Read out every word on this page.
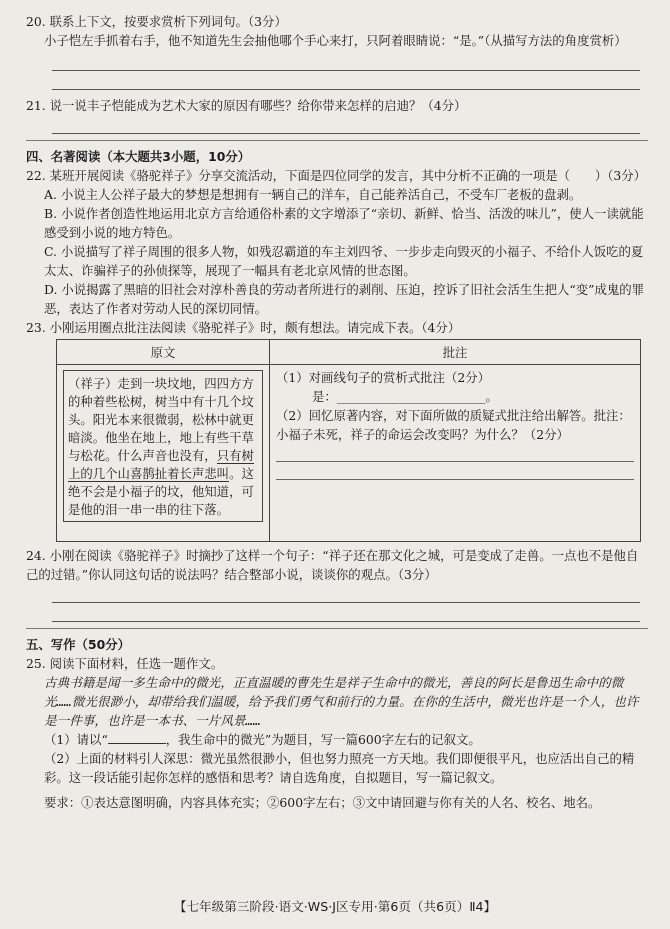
20. 联系上下文，按要求赏析下列词句。（3分）

小子恺左手抓着右手，他不知道先生会抽他哪个手心来打，只阿着眼睛说：“是。”（从描写方法的角度赏析）

21. 说一说丰子恺能成为艺术大家的原因有哪些？给你带来怎样的启迪？（4分）

四、名著阅读（本大题共3小题，10分）

22. 某班开展阅读《骆驼祥子》分享交流活动，下面是四位同学的发言，其中分析不正确的一项是（　　）（3分）

A. 小说主人公祥子最大的梦想是想拥有一辆自己的洋车，自己能养活自己，不受车厂老板的盘剥。

B. 小说作者创造性地运用北京方言给通俗朴素的文字增添了“亲切、新鲜、恰当、活泼的味儿”，使人一读就能感受到小说的地方特色。

C. 小说描写了祥子周围的很多人物，如残忍霸道的车主刘四爷、一步步走向毁灭的小福子、不给仆人饭吃的夏太太、诈骗祥子的孙侦探等，展现了一幅具有老北京风情的世态图。

D. 小说揭露了黑暗的旧社会对淳朴善良的劳动者所进行的剥削、压迫，控诉了旧社会活生生把人“变”成鬼的罪恶，表达了作者对劳动人民的深切同情。

23. 小刚运用圈点批注法阅读《骆驼祥子》时，颇有想法。请完成下表。（4分）

原文	批注

（祥子）走到一块坟地，四四方方的种着些松树，树当中有十几个坟头。阳光本来很微弱，松林中就更暗淡。他坐在地上，地上有些干草与松花。什么声音也没有，只有树上的几个山喜鹊扯着长声悲叫。这绝不会是小福子的坟，他知道，可是他的泪一串一串的往下落。	（1）对画线句子的赏析式批注（2分）

是：________________________。

（2）回忆原著内容，对下面所做的质疑式批注给出解答。批注：小福子未死，祥子的命运会改变吗？为什么？（2分）

24. 小刚在阅读《骆驼祥子》时摘抄了这样一个句子：“祥子还在那文化之城，可是变成了走兽。一点也不是他自己的过错。”你认同这句话的说法吗？结合整部小说，谈谈你的观点。（3分）

五、写作（50分）

25. 阅读下面材料，任选一题作文。

古典书籍是闻一多生命中的微光，正直温暖的曹先生是祥子生命中的微光，善良的阿长是鲁迅生命中的微光……微光很渺小，却带给我们温暖，给予我们勇气和前行的力量。在你的生活中，微光也许是一个人，也许是一件事，也许是一本书、一片风景……

（1）请以“	，我生命中的微光”为题目，写一篇600字左右的记叙文。

（2）上面的材料引人深思：微光虽然很渺小，但也努力照亮一方天地。我们即便很平凡，也应活出自己的精彩。这一段话能引起你怎样的感悟和思考？请自选角度，自拟题目，写一篇记叙文。

要求：①表达意图明确，内容具体充实；②600字左右；③文中请回避与你有关的人名、校名、地名。

【七年级第三阶段·语文·WS·J区专用·第6页（共6页）Ⅱ4】
